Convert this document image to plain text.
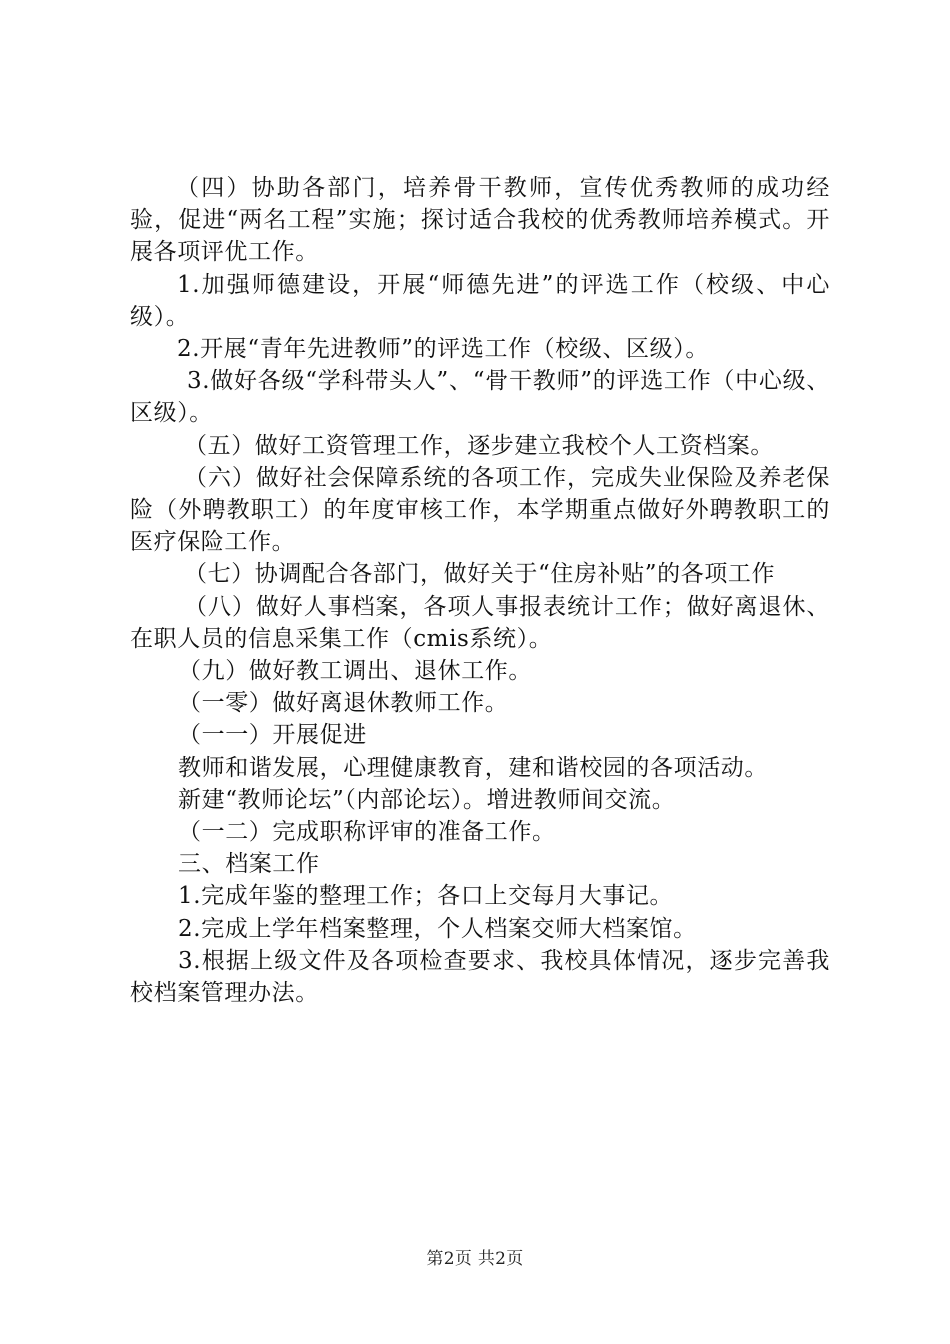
（四）协助各部门，培养骨干教师，宣传优秀教师的成功经验，促进“两名工程”实施；探讨适合我校的优秀教师培养模式。开展各项评优工作。

1.加强师德建设，开展“师德先进”的评选工作（校级、中心级）。

2.开展“青年先进教师”的评选工作（校级、区级）。

3.做好各级“学科带头人”、“骨干教师”的评选工作（中心级、区级）。

（五）做好工资管理工作，逐步建立我校个人工资档案。

（六）做好社会保障系统的各项工作，完成失业保险及养老保险（外聘教职工）的年度审核工作，本学期重点做好外聘教职工的医疗保险工作。

（七）协调配合各部门，做好关于“住房补贴”的各项工作

（八）做好人事档案，各项人事报表统计工作；做好离退休、在职人员的信息采集工作（cmis系统）。

（九）做好教工调出、退休工作。

（一零）做好离退休教师工作。

（一一）开展促进

教师和谐发展，心理健康教育，建和谐校园的各项活动。

新建“教师论坛”（内部论坛）。增进教师间交流。

（一二）完成职称评审的准备工作。

三、档案工作

1.完成年鉴的整理工作；各口上交每月大事记。

2.完成上学年档案整理，个人档案交师大档案馆。

3.根据上级文件及各项检查要求、我校具体情况，逐步完善我校档案管理办法。

第2页 共2页
